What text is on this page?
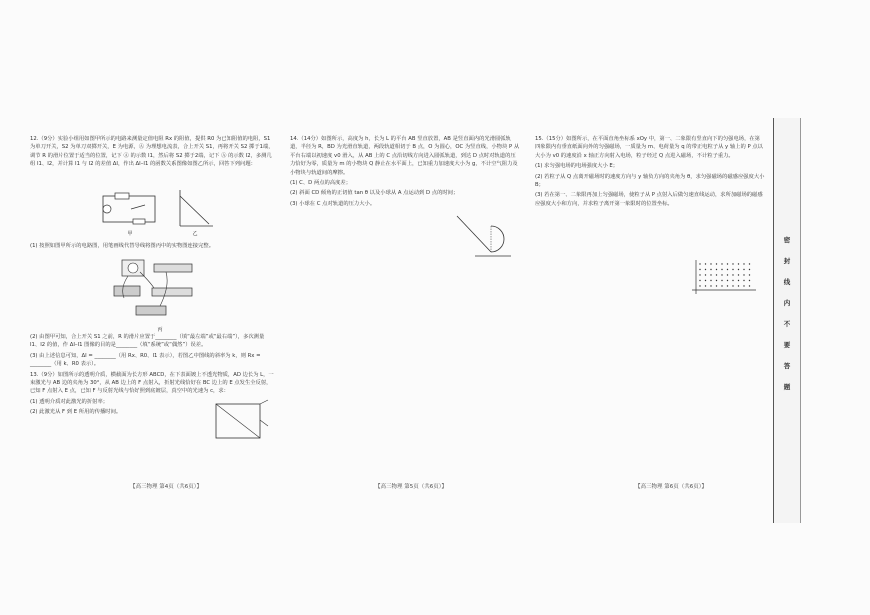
12.（9分）实验小组用如图甲所示的电路来测量定值电阻 Rx 的阻值，提供 R0 为已知阻值的电阻，S1 为单刀开关，S2 为单刀双掷开关，E 为电源，Ⓐ 为理想电流表，合上开关 S1，再将开关 S2 掷于1端，调节 R 的滑片位置于适当的位置，记下 Ⓐ 的示数 I1，然后将 S2 掷于2端，记下 Ⓐ 的示数 I2，多测几组 I1、I2，并计算 I1 与 I2 的差值 ΔI，作出 ΔI–I1 的函数关系图像如图乙所示，回答下列问题：

甲	乙

(1) 按照如图甲所示的电路图，用笔画线代替导线将图丙中的实物图连接完整。

丙

(2) 由图甲可知，合上开关 S1 之前，R 的滑片应置于________（填“最左端”或“最右端”），多次测量 I1、I2 的值，作 ΔI–I1 图像的目的是________（填“系统”或“偶然”）误差。

(3) 由上述信息可知，ΔI = ________（用 Rx、R0、I1 表示），若图乙中图线的斜率为 k，则 Rx = ________（用 k、R0 表示）。

13.（9分）如图所示的透明介质，横截面为长方形 ABCD，在下表面镀上不透光物质，AD 边长为 L，一束激光与 AB 边的夹角为 30°，从 AB 边上的 F 点射入，折射光线恰好在 BC 边上的 E 点发生全反射，已知 F 点射入 E 点，已知 F 与反射光线与恰好照到底镀层，真空中的光速为 c，求：

(1) 透明介质对此激光的折射率；

(2) 此激光从 F 到 E 所用的传播时间。

14.（14分）如图所示，高度为 h，长为 L 的平台 AB 竖直放置，AB 是竖直面内的光滑圆弧轨道，半径为 R，BD 为光滑直轨道，两段轨道相切于 B 点，O 为圆心，OC 为竖直线，小物块 P 从平台右端以初速度 v0 滑入，从 AB 上的 C 点沿切线方向进入圆弧轨道，到达 D 点时对轨道的压力恰好为零，质量为 m 的小物块 Q 静止在水平面上，已知重力加速度大小为 g，不计空气阻力及小物块与轨道间的摩擦。

(1) C、D 两点的高度差；

(2) 斜面 CD 倾角的正切值 tan θ 以及小球从 A 点运动到 D 点的时间；

(3) 小球在 C 点对轨道的压力大小。

15.（15分）如图所示，在平面直角坐标系 xOy 中，第一、二象限有竖直向下的匀强电场，在第四象限内有垂直纸面向外的匀强磁场，一质量为 m、电荷量为 q 的带正电粒子从 y 轴上的 P 点以大小为 v0 的速度沿 x 轴正方向射入电场，粒子经过 Q 点进入磁场，不计粒子重力。

(1) 求匀强电场的电场强度大小 E；

(2) 若粒子从 Q 点离开磁场时的速度方向与 y 轴负方向的夹角为 θ，求匀强磁场的磁感应强度大小 B；

(3) 若在第一、二象限再加上匀强磁场，使粒子从 P 点射入后做匀速直线运动，求所加磁场的磁感应强度大小和方向，并求粒子离开第一象限时的位置坐标。

【高三物理 第4页（共6页）】	【高三物理 第5页（共6页）】	【高三物理 第6页（共6页）】
密
封
线
内
不
要
答
题
